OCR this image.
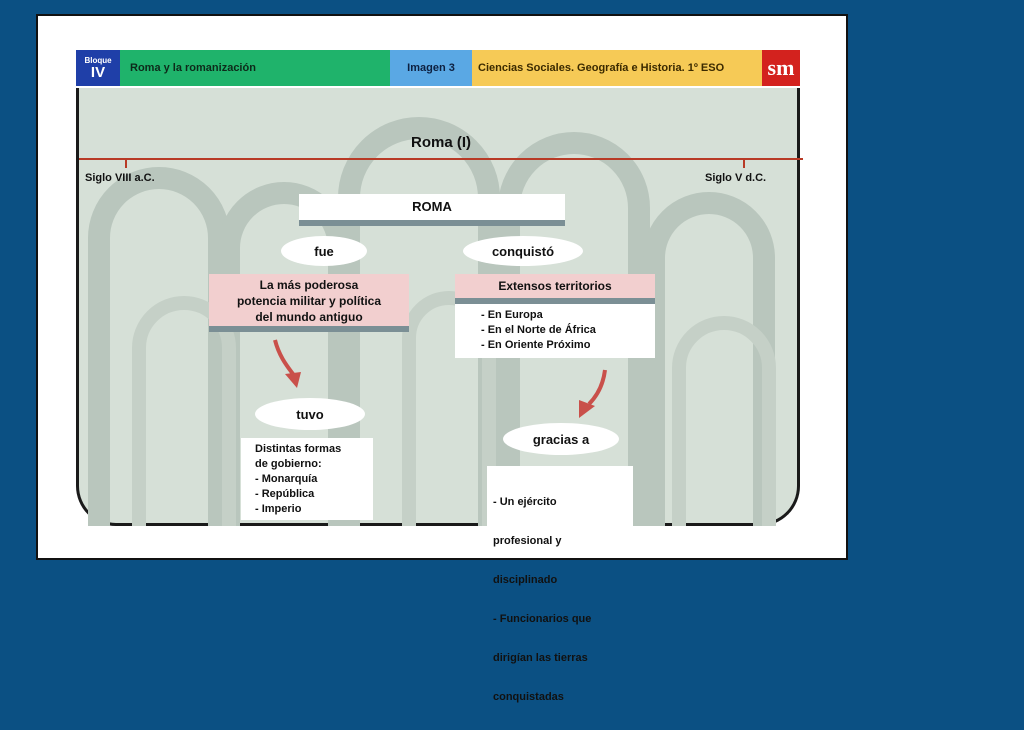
Bloque
IV	Roma y la romanización	Imagen 3	Ciencias Sociales. Geografía e Historia. 1º ESO	sm
Roma (I)
Siglo VIII a.C.	Siglo V d.C.
ROMA
fue	conquistó
La más poderosa
potencia militar y política
del mundo antiguo
Extensos territorios
- En Europa
- En el Norte de África
- En Oriente Próximo
tuvo
gracias a
Distintas formas
de gobierno:
- Monarquía
- República
- Imperio

- Un ejército

profesional y

disciplinado

- Funcionarios que

dirigían las tierras

conquistadas
